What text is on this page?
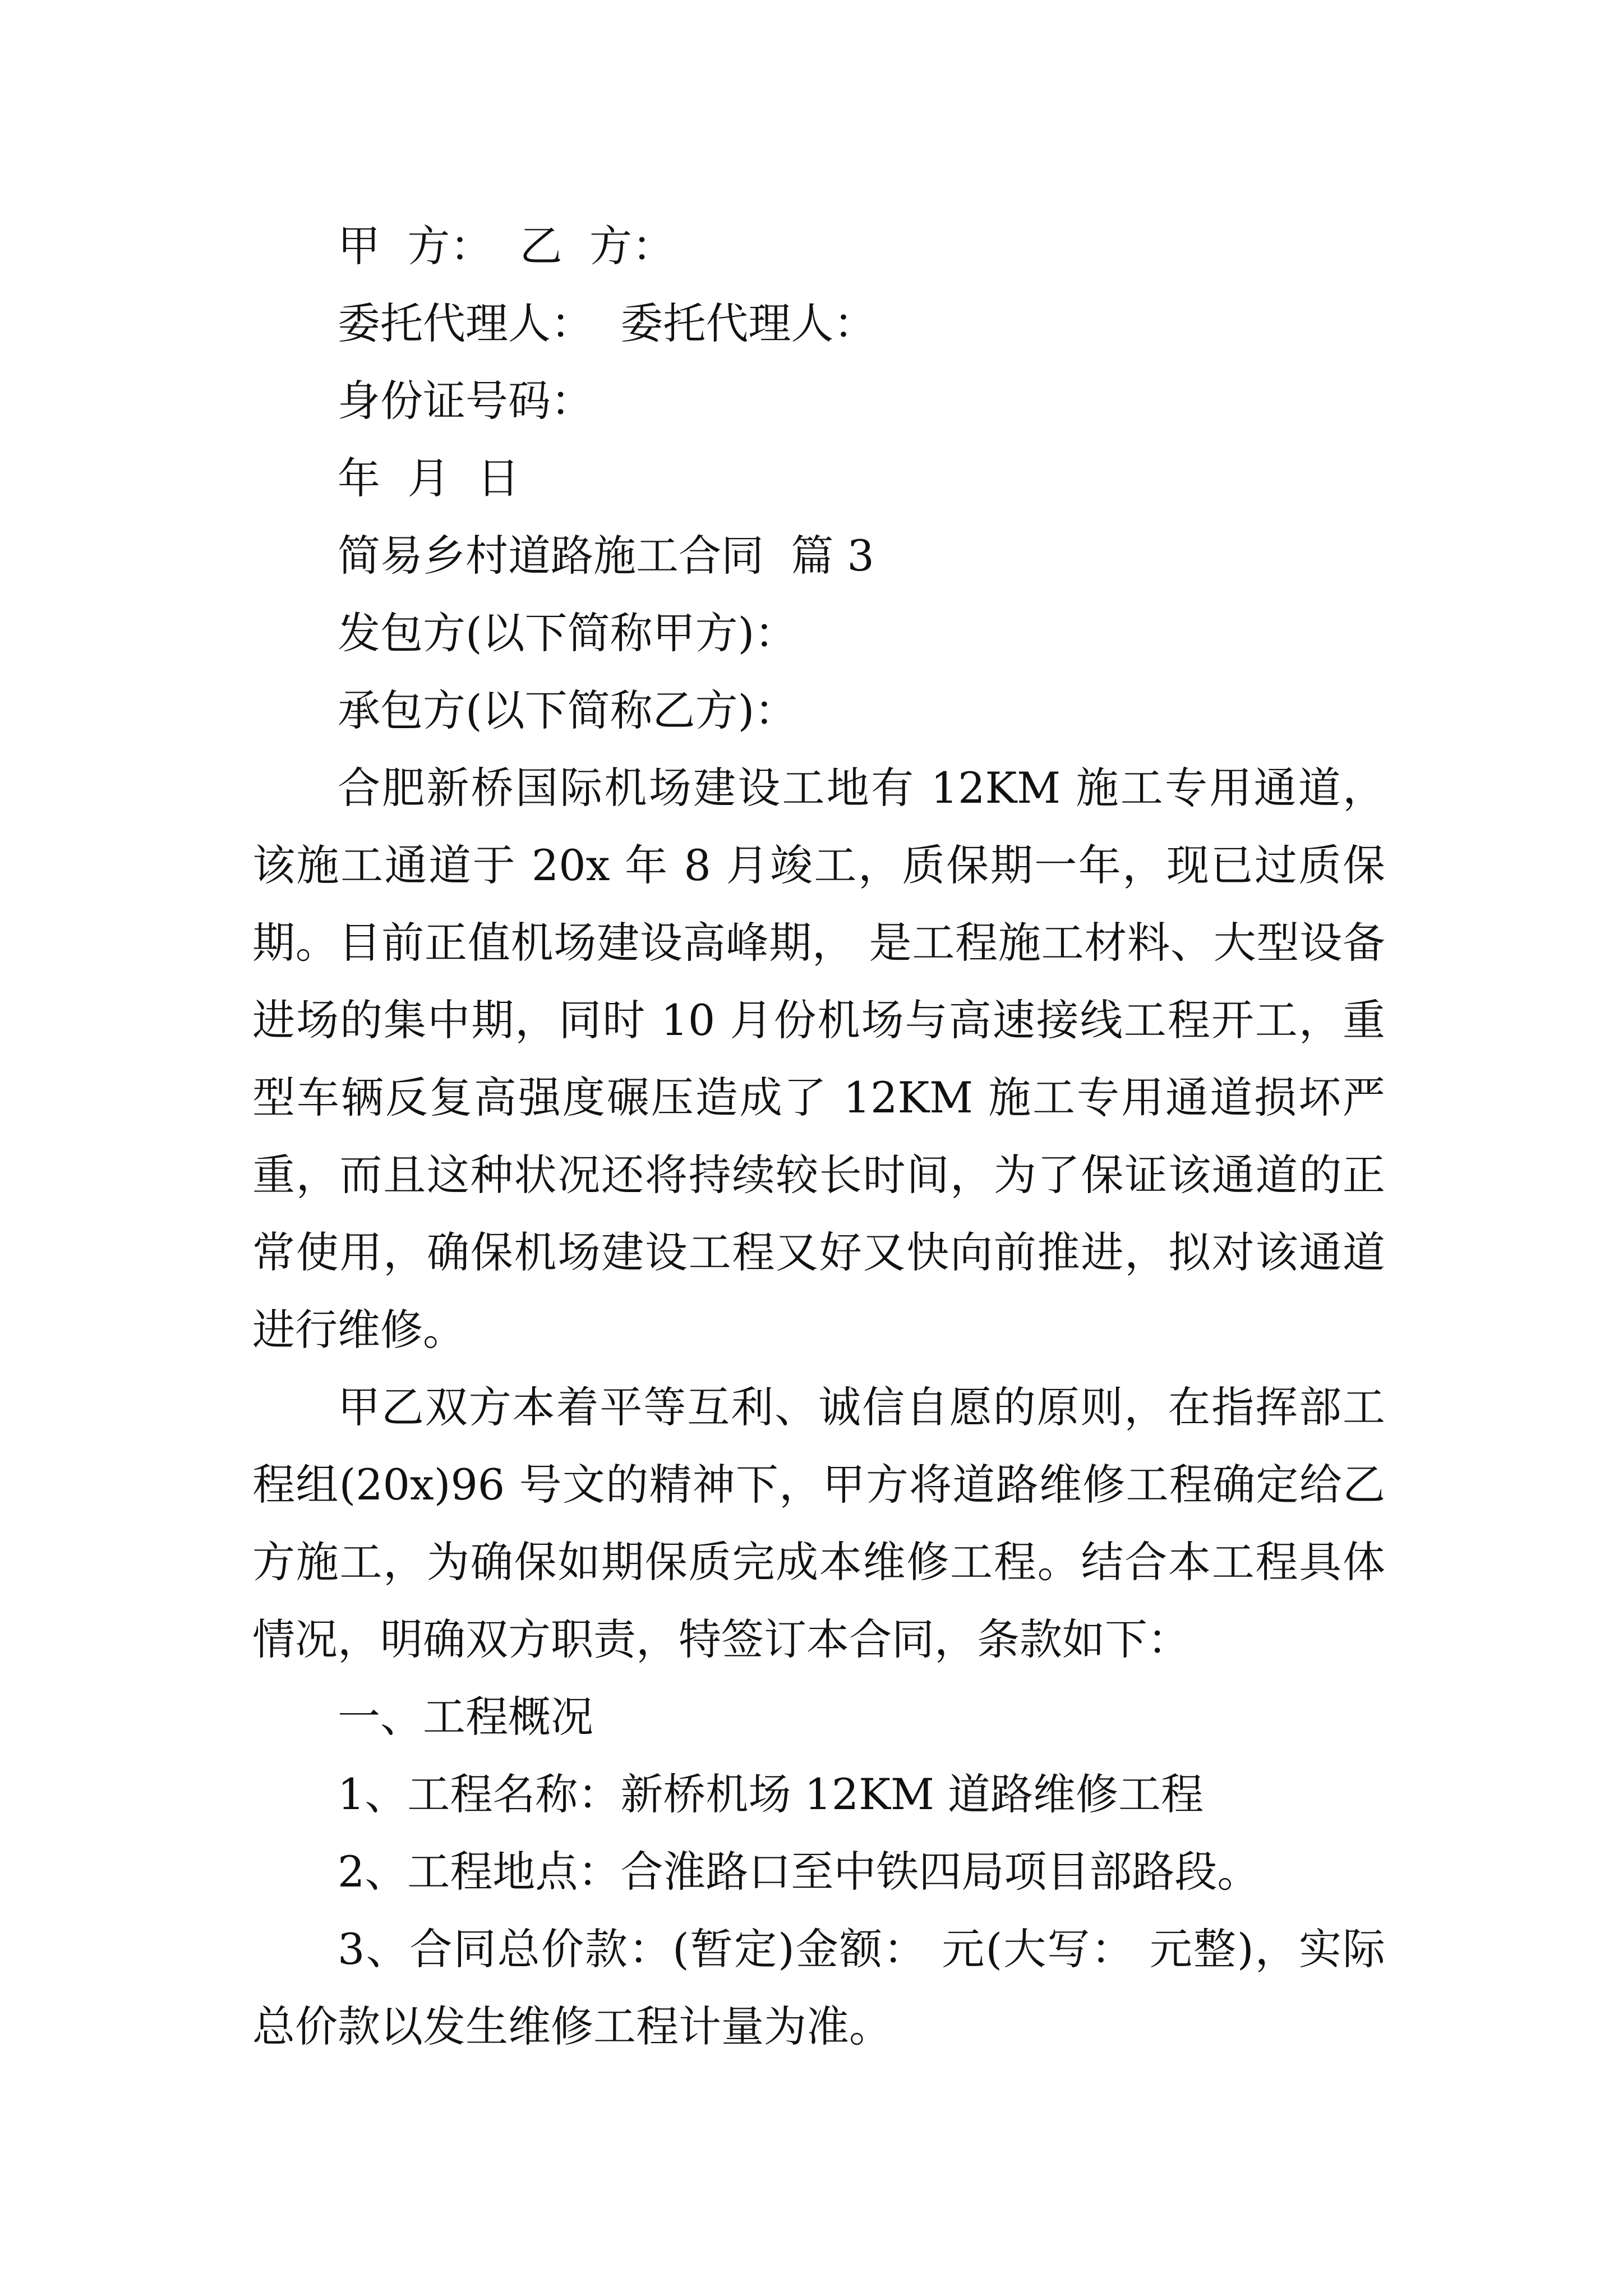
甲  方：  乙  方：

委托代理人：  委托代理人：

身份证号码：

年  月  日

简易乡村道路施工合同  篇 3

发包方(以下简称甲方)：

承包方(以下简称乙方)：

合肥新桥国际机场建设工地有 12KM 施工专用通道，该施工通道于 20x 年 8 月竣工，质保期一年，现已过质保期。目前正值机场建设高峰期， 是工程施工材料、大型设备进场的集中期，同时 10 月份机场与高速接线工程开工，重型车辆反复高强度碾压造成了 12KM 施工专用通道损坏严重，而且这种状况还将持续较长时间，为了保证该通道的正常使用，确保机场建设工程又好又快向前推进，拟对该通道进行维修。

甲乙双方本着平等互利、诚信自愿的原则，在指挥部工程组(20x)96 号文的精神下，甲方将道路维修工程确定给乙方施工，为确保如期保质完成本维修工程。结合本工程具体情况，明确双方职责，特签订本合同，条款如下：

一、工程概况

1、工程名称：新桥机场 12KM 道路维修工程

2、工程地点：合淮路口至中铁四局项目部路段。

3、合同总价款：(暂定)金额： 元(大写： 元整)，实际总价款以发生维修工程计量为准。
